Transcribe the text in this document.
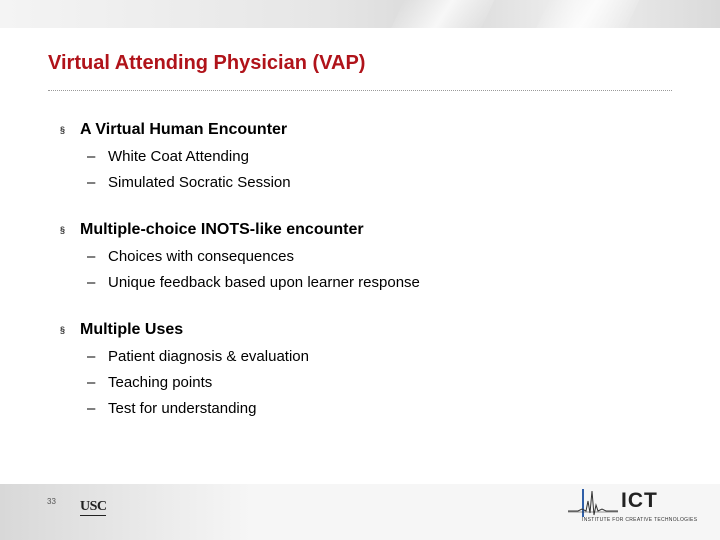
Virtual Attending Physician (VAP)
§ A Virtual Human Encounter
– White Coat Attending
– Simulated Socratic Session
§ Multiple-choice INOTS-like encounter
– Choices with consequences
– Unique feedback based upon learner response
§ Multiple Uses
– Patient diagnosis & evaluation
– Teaching points
– Test for understanding
33 USC	ICT
INSTITUTE FOR CREATIVE TECHNOLOGIES
